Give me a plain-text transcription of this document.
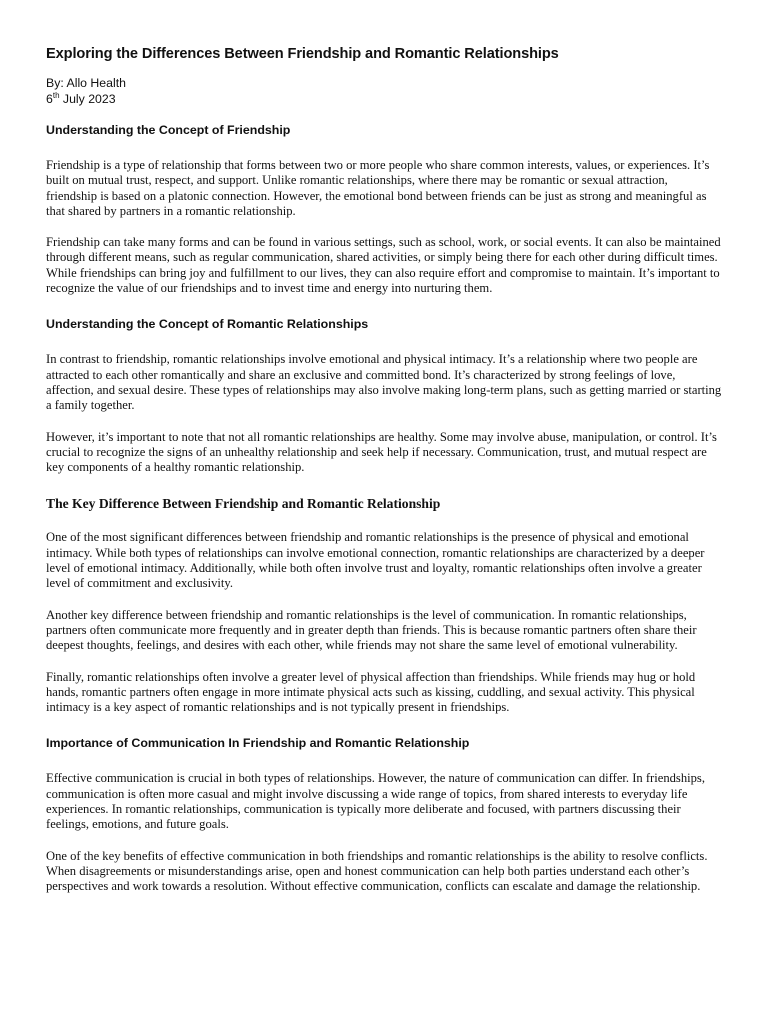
Exploring the Differences Between Friendship and Romantic Relationships

By: Allo Health

6th July 2023

Understanding the Concept of Friendship

Friendship is a type of relationship that forms between two or more people who share common interests, values, or experiences. It’s built on mutual trust, respect, and support. Unlike romantic relationships, where there may be romantic or sexual attraction, friendship is based on a platonic connection. However, the emotional bond between friends can be just as strong and meaningful as that shared by partners in a romantic relationship.

Friendship can take many forms and can be found in various settings, such as school, work, or social events. It can also be maintained through different means, such as regular communication, shared activities, or simply being there for each other during difficult times. While friendships can bring joy and fulfillment to our lives, they can also require effort and compromise to maintain. It’s important to recognize the value of our friendships and to invest time and energy into nurturing them.

Understanding the Concept of Romantic Relationships

In contrast to friendship, romantic relationships involve emotional and physical intimacy. It’s a relationship where two people are attracted to each other romantically and share an exclusive and committed bond. It’s characterized by strong feelings of love, affection, and sexual desire. These types of relationships may also involve making long-term plans, such as getting married or starting a family together.

However, it’s important to note that not all romantic relationships are healthy. Some may involve abuse, manipulation, or control. It’s crucial to recognize the signs of an unhealthy relationship and seek help if necessary. Communication, trust, and mutual respect are key components of a healthy romantic relationship.

The Key Difference Between Friendship and Romantic Relationship

One of the most significant differences between friendship and romantic relationships is the presence of physical and emotional intimacy. While both types of relationships can involve emotional connection, romantic relationships are characterized by a deeper level of emotional intimacy. Additionally, while both often involve trust and loyalty, romantic relationships often involve a greater level of commitment and exclusivity.

Another key difference between friendship and romantic relationships is the level of communication. In romantic relationships, partners often communicate more frequently and in greater depth than friends. This is because romantic partners often share their deepest thoughts, feelings, and desires with each other, while friends may not share the same level of emotional vulnerability.

Finally, romantic relationships often involve a greater level of physical affection than friendships. While friends may hug or hold hands, romantic partners often engage in more intimate physical acts such as kissing, cuddling, and sexual activity. This physical intimacy is a key aspect of romantic relationships and is not typically present in friendships.

Importance of Communication In Friendship and Romantic Relationship

Effective communication is crucial in both types of relationships. However, the nature of communication can differ. In friendships, communication is often more casual and might involve discussing a wide range of topics, from shared interests to everyday life experiences. In romantic relationships, communication is typically more deliberate and focused, with partners discussing their feelings, emotions, and future goals.

One of the key benefits of effective communication in both friendships and romantic relationships is the ability to resolve conflicts. When disagreements or misunderstandings arise, open and honest communication can help both parties understand each other’s perspectives and work towards a resolution. Without effective communication, conflicts can escalate and damage the relationship.
